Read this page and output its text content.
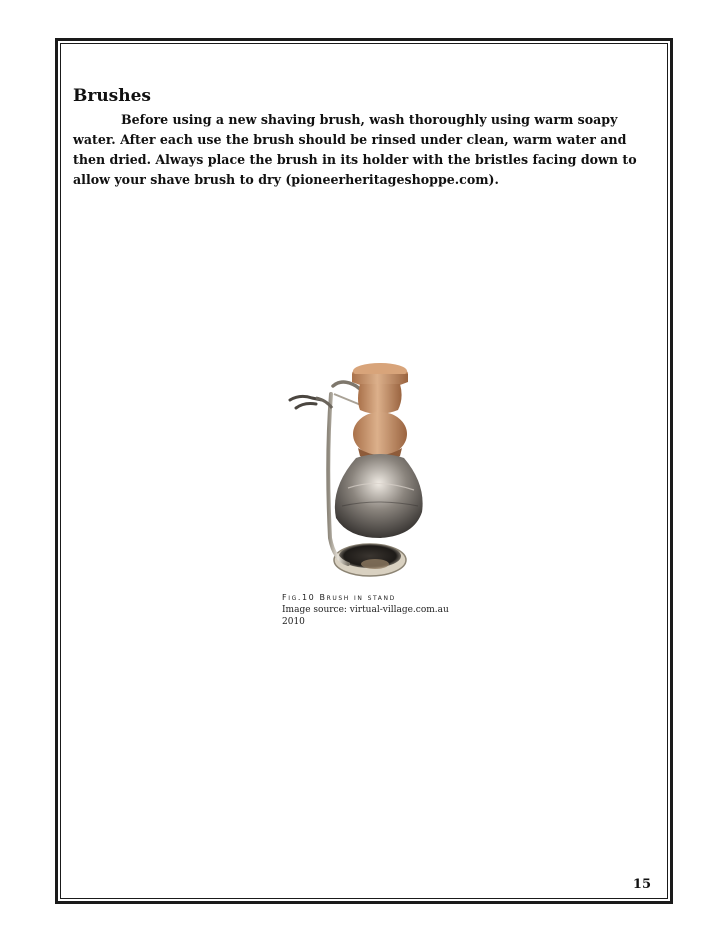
Brushes

Before using a new shaving brush, wash thoroughly using warm soapy water. After each use the brush should be rinsed under clean, warm water and then dried. Always place the brush in its holder with the bristles facing down to allow your shave brush to dry (pioneerheritageshoppe.com).

Fig.10 Brush in stand
Image source: virtual-village.com.au
2010
15
